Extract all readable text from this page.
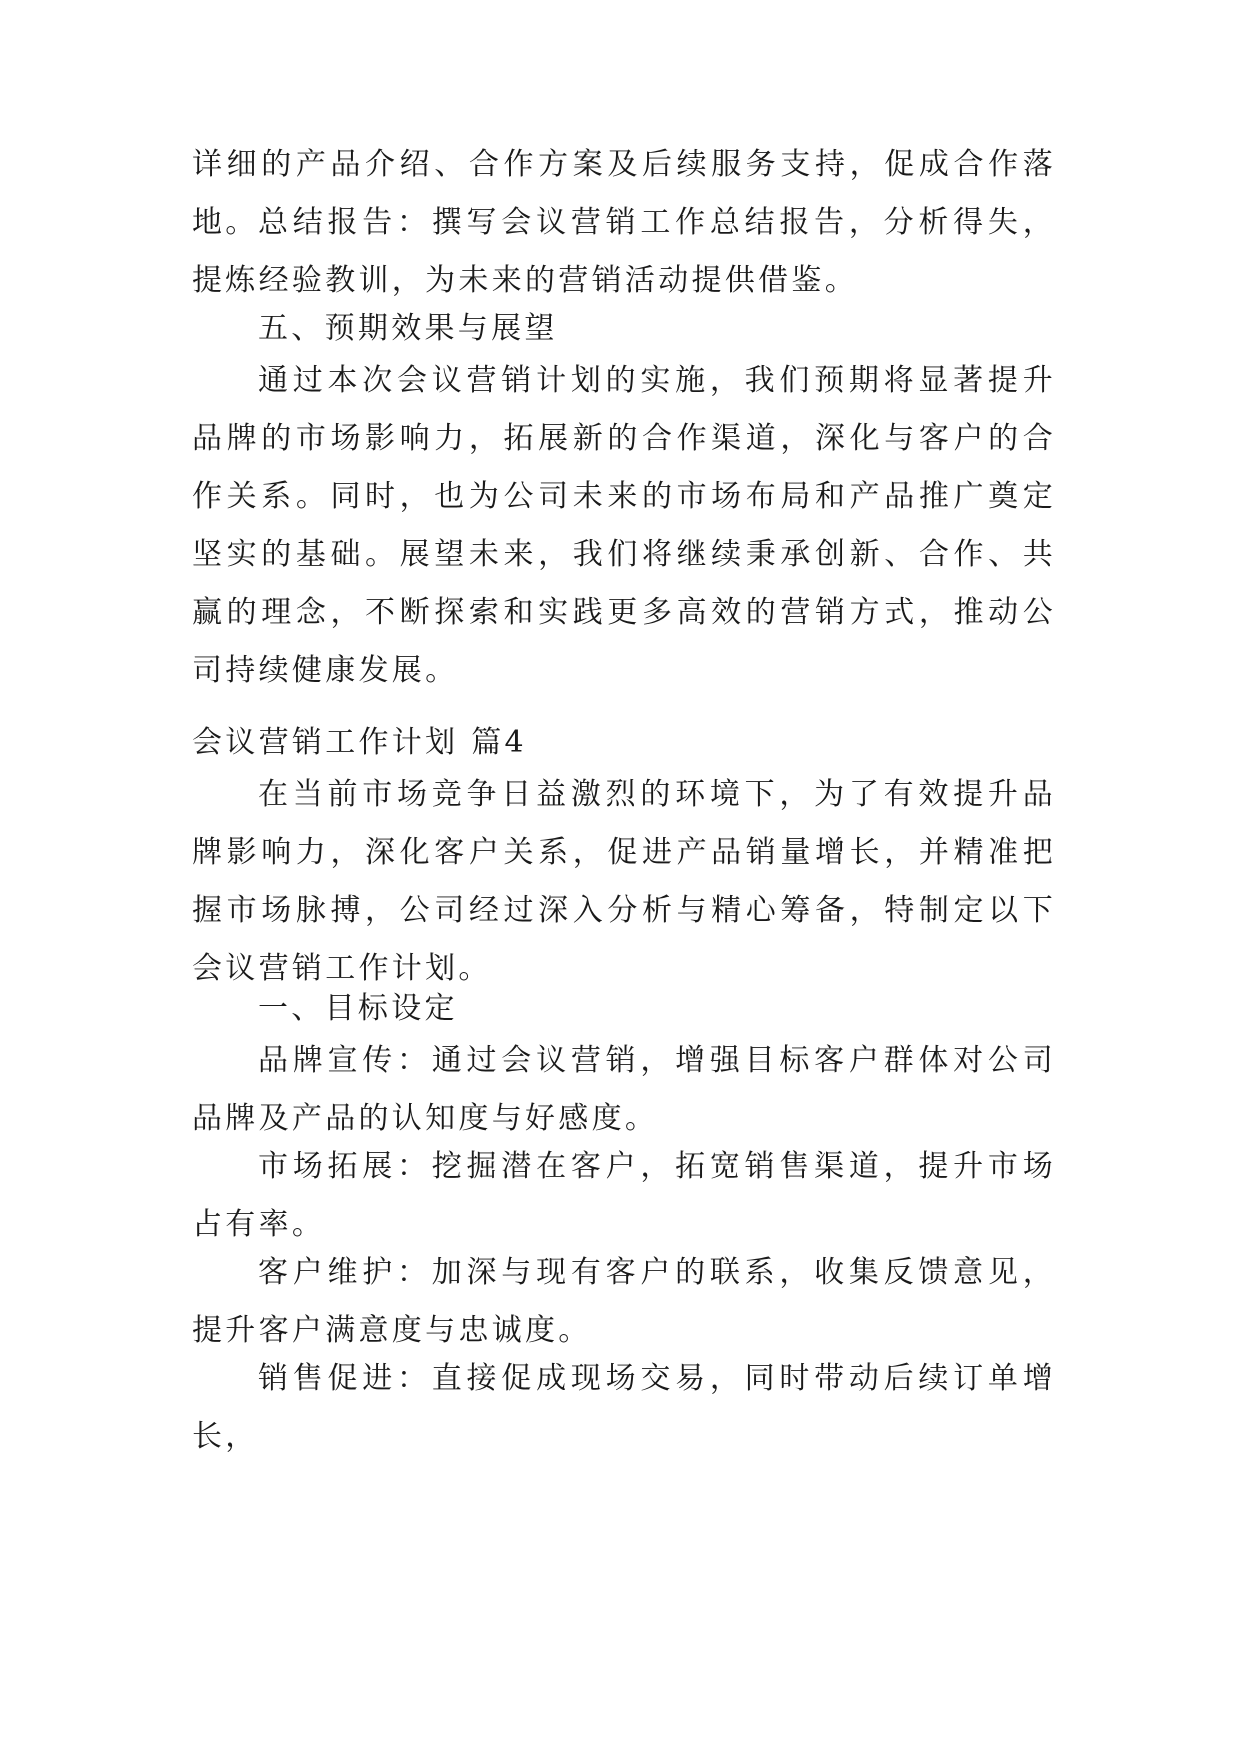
详细的产品介绍、合作方案及后续服务支持，促成合作落地。 总结报告：撰写会议营销工作总结报告，分析得失，提炼经验教训，为未来的营销活动提供借鉴。

五、预期效果与展望

通过本次会议营销计划的实施，我们预期将显著提升品牌的市场影响力，拓展新的合作渠道，深化与客户的合作关系。同时，也为公司未来的市场布局和产品推广奠定坚实的基础。展望未来，我们将继续秉承创新、合作、共赢的理念，不断探索和实践更多高效的营销方式，推动公司持续健康发展。

会议营销工作计划 篇4

在当前市场竞争日益激烈的环境下，为了有效提升品牌影响力，深化客户关系，促进产品销量增长，并精准把握市场脉搏，公司经过深入分析与精心筹备，特制定以下会议营销工作计划。

一、目标设定

品牌宣传：通过会议营销，增强目标客户群体对公司品牌及产品的认知度与好感度。

市场拓展：挖掘潜在客户，拓宽销售渠道，提升市场占有率。

客户维护：加深与现有客户的联系，收集反馈意见，提升客户满意度与忠诚度。

销售促进：直接促成现场交易，同时带动后续订单增长，
